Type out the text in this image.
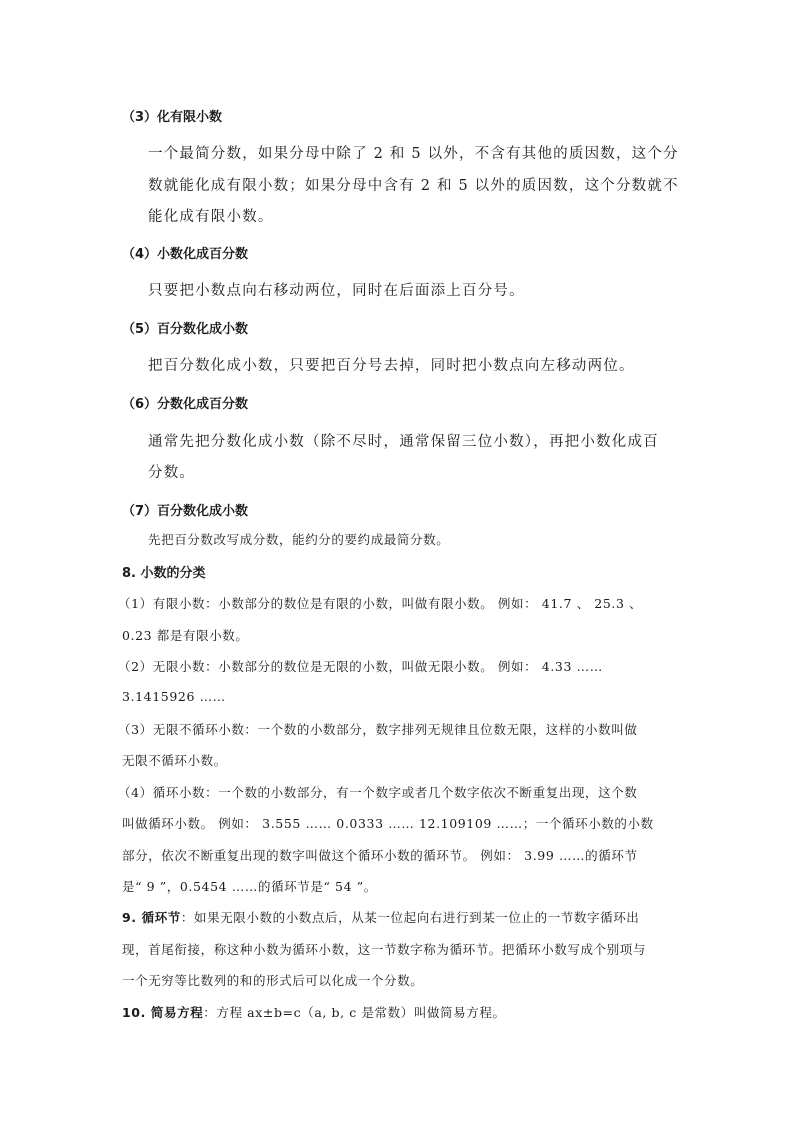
（3）化有限小数
一个最简分数，如果分母中除了 2 和 5 以外，不含有其他的质因数，这个分
数就能化成有限小数；如果分母中含有 2 和 5 以外的质因数，这个分数就不
能化成有限小数。
（4）小数化成百分数
只要把小数点向右移动两位，同时在后面添上百分号。
（5）百分数化成小数
把百分数化成小数，只要把百分号去掉，同时把小数点向左移动两位。
（6）分数化成百分数
通常先把分数化成小数（除不尽时，通常保留三位小数），再把小数化成百
分数。
（7）百分数化成小数
先把百分数改写成分数，能约分的要约成最简分数。
8. 小数的分类
（1）有限小数：小数部分的数位是有限的小数，叫做有限小数。 例如： 41.7 、 25.3 、
0.23 都是有限小数。
（2）无限小数：小数部分的数位是无限的小数，叫做无限小数。 例如： 4.33 ……
3.1415926 ……
（3）无限不循环小数：一个数的小数部分，数字排列无规律且位数无限，这样的小数叫做
无限不循环小数。
（4）循环小数：一个数的小数部分，有一个数字或者几个数字依次不断重复出现，这个数
叫做循环小数。 例如： 3.555 …… 0.0333 …… 12.109109 ……；一个循环小数的小数
部分，依次不断重复出现的数字叫做这个循环小数的循环节。 例如： 3.99 ……的循环节
是“ 9 ”，0.5454 ……的循环节是“ 54 ”。
9. 循环节：如果无限小数的小数点后，从某一位起向右进行到某一位止的一节数字循环出
现，首尾衔接，称这种小数为循环小数，这一节数字称为循环节。把循环小数写成个别项与
一个无穷等比数列的和的形式后可以化成一个分数。
10. 简易方程：方程 ax±b=c（a, b, c 是常数）叫做简易方程。
